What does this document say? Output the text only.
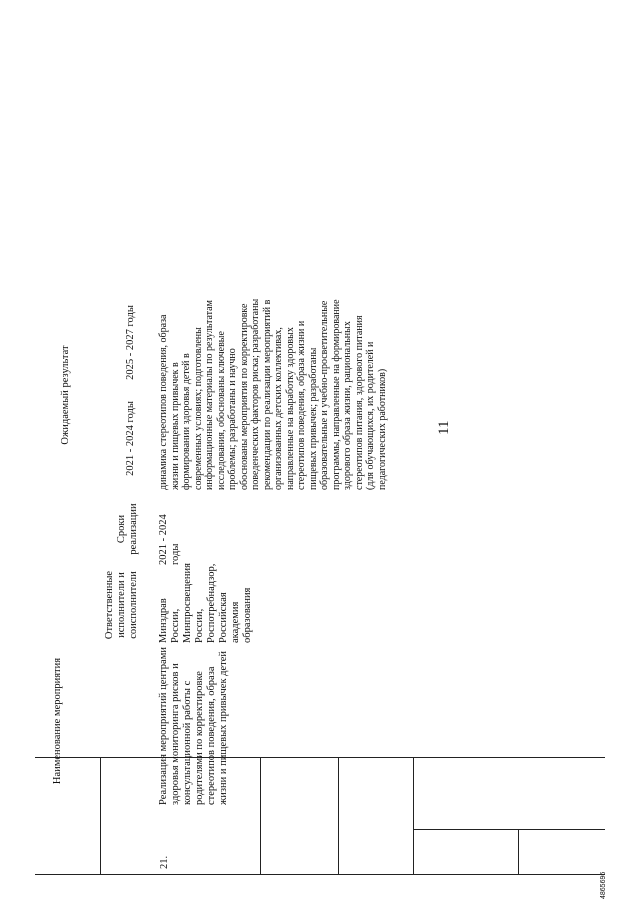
11
4865696
Наименование мероприятия
Ответственные исполнители и соисполнители
Сроки реализации
Ожидаемый результат	2021 - 2024 годы
2025 - 2027 годы
21.
Реализация мероприятий центрами здоровья мониторинга рисков и консультационной работы с родителями по корректировке стереотипов поведения, образа жизни и пищевых привычек детей
Минздрав России, Минпросвещения России, Роспотребнадзор, Российская академия образования
2021 - 2024 годы
динамика стереотипов поведения, образа жизни и пищевых привычек в формировании здоровья детей в современных условиях; подготовлены информационные материалы по результатам исследования, обоснованы ключевые проблемы; разработаны и научно обоснованы мероприятия по корректировке поведенческих факторов риска; разработаны рекомендации по реализации мероприятий в организованных детских коллективах, направленные на выработку здоровых стереотипов поведения, образа жизни и пищевых привычек; разработаны образовательные и учебно-просветительные программы, направленные на формирование здорового образа жизни, рациональных стереотипов питания, здорового питания (для обучающихся, их родителей и педагогических работников)
